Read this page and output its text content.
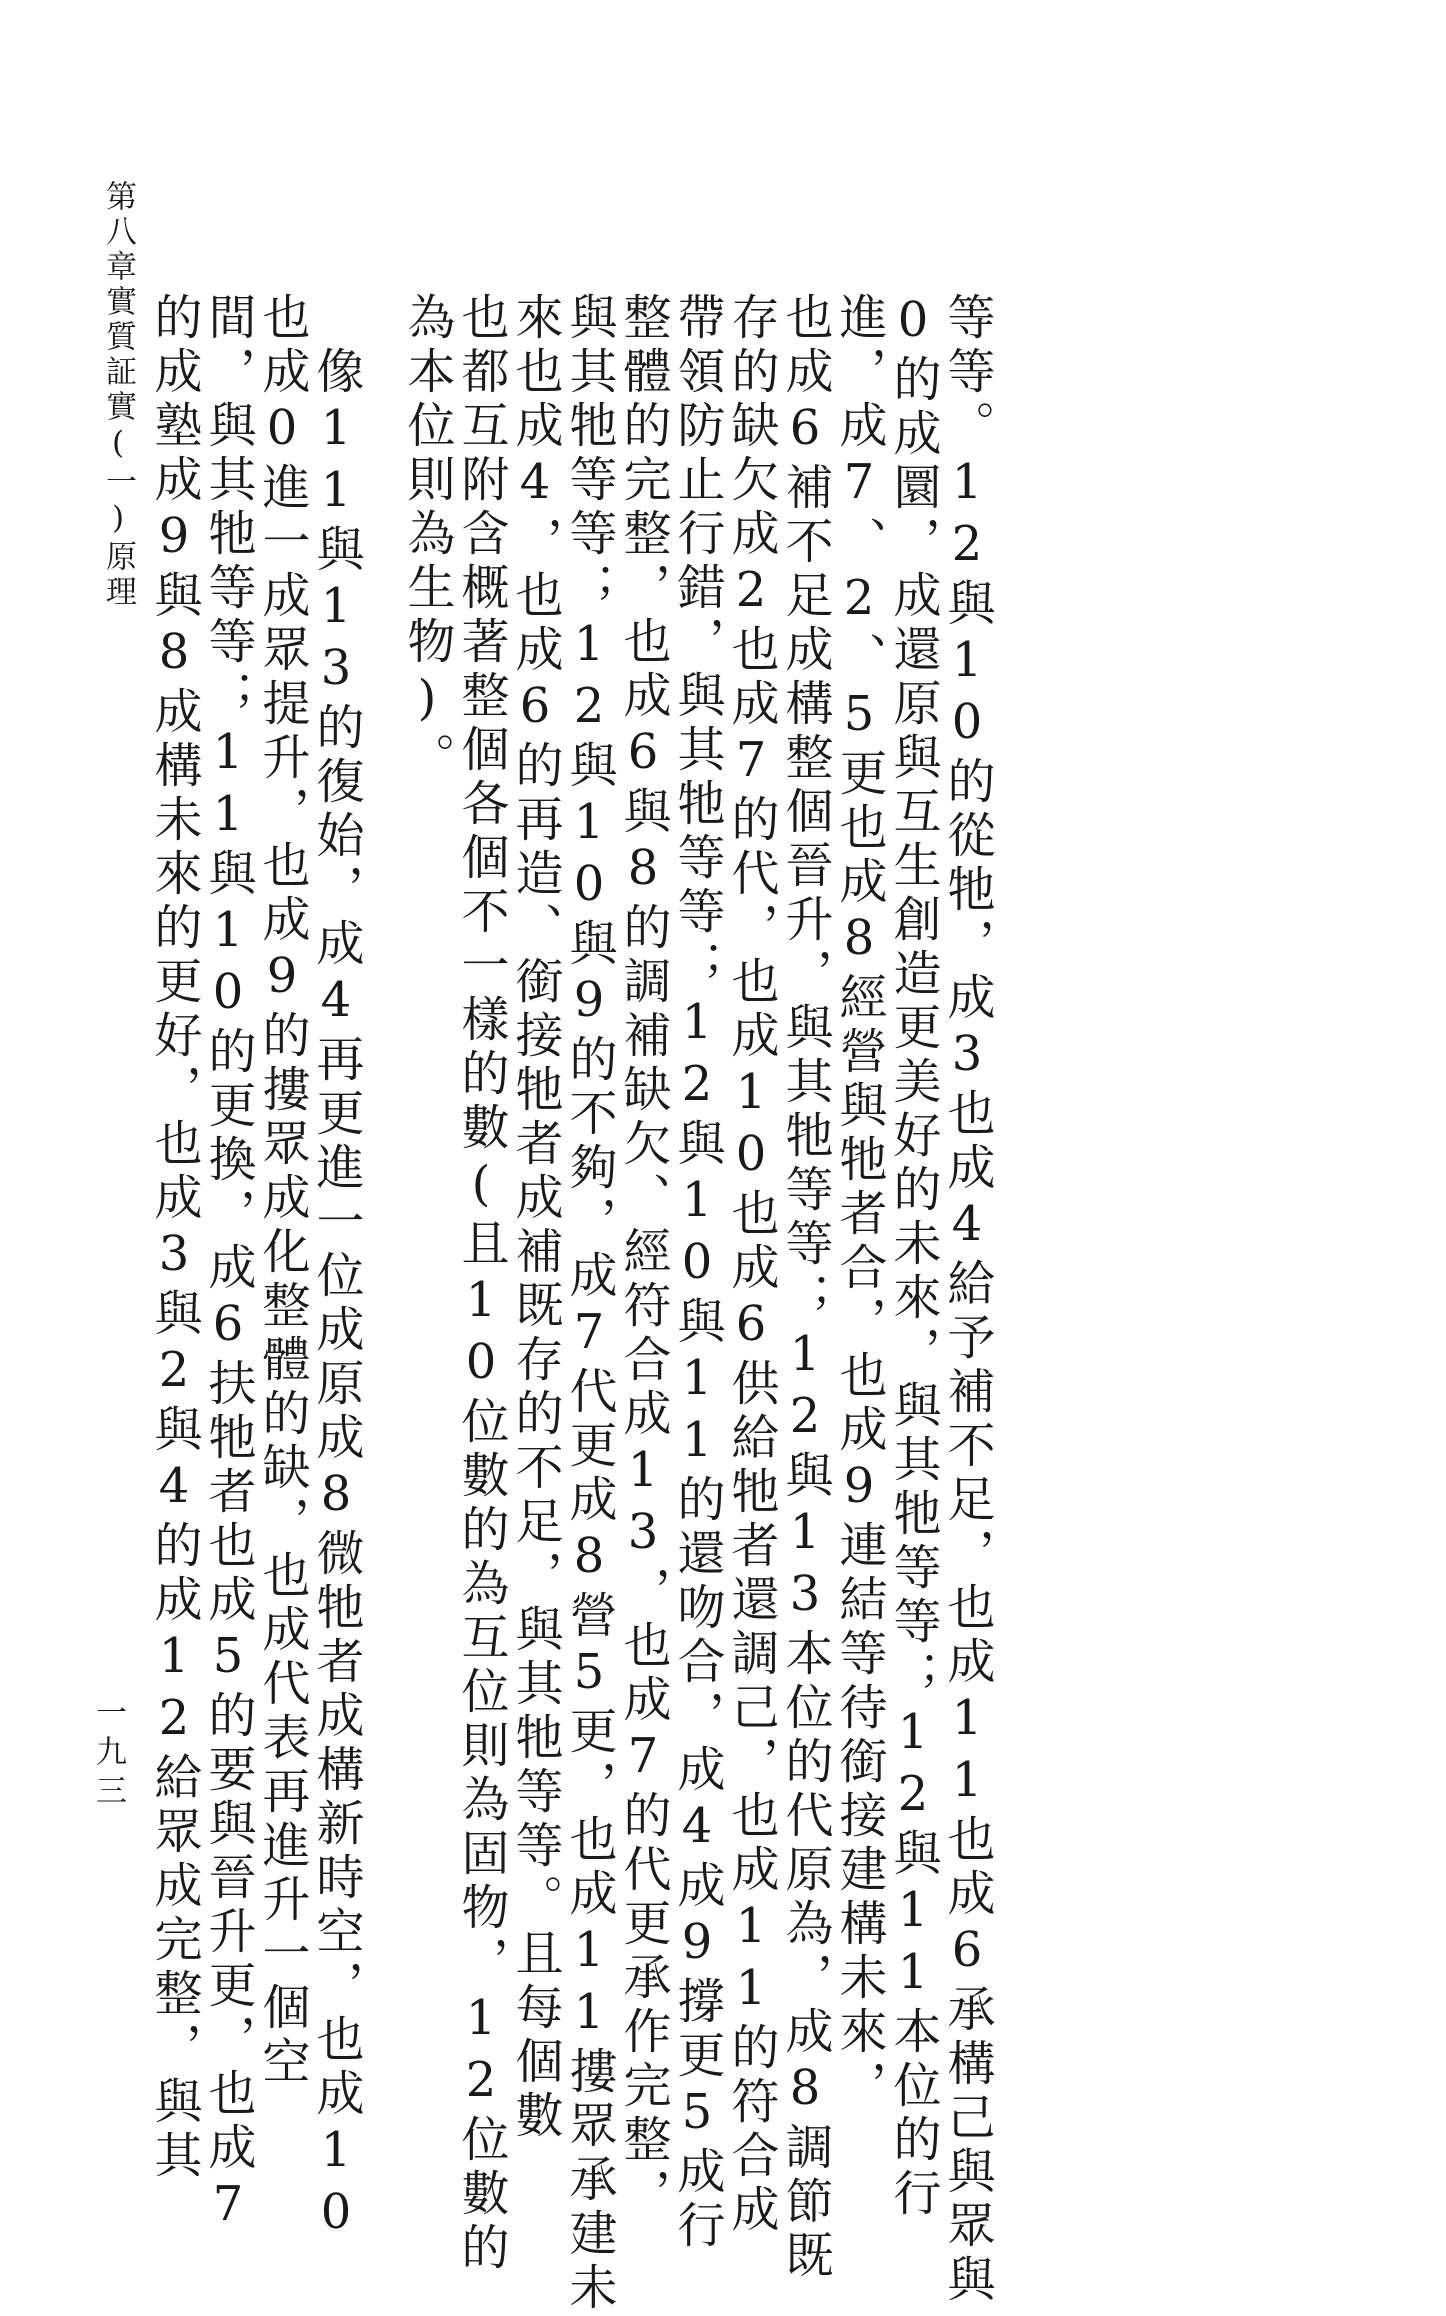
第八章實質証實(一)原理
一九三	等等。12與10的從牠，成3也成4給予補不足，也成11也成6承構己與眾與
0的成圜，成還原與互生創造更美好的未來，與其牠等等；12與11本位的行
進，成7、2、5更也成8經營與牠者合，也成9連結等待銜接建構未來，
也成6補不足成構整個晉升，與其牠等等；12與13本位的代原為，成8調節既
存的缺欠成2也成7的代，也成10也成6供給牠者還調己，也成11的符合成
帶領防止行錯，與其牠等等；12與10與11的還吻合，成4成9撐更5成行
整體的完整，也成6與8的調補缺欠、經符合成13，也成7的代更承作完整，
與其牠等等；12與10與9的不夠，成7代更成8營5更，也成11摟眾承建未
來也成4，也成6的再造、銜接牠者成補既存的不足，與其牠等等。且每個數
也都互附含概著整個各個不一樣的數(且10位數的為互位則為固物，12位數的
為本位則為生物)。
　像11與13的復始，成4再更進一位成原成8微牠者成構新時空，也成10
也成0進一成眾提升，也成9的摟眾成化整體的缺，也成代表再進升一個空
間，與其牠等等；11與10的更換，成6扶牠者也成5的要與晉升更，也成7
的成塾成9與8成構未來的更好，也成3與2與4的成12給眾成完整，與其
